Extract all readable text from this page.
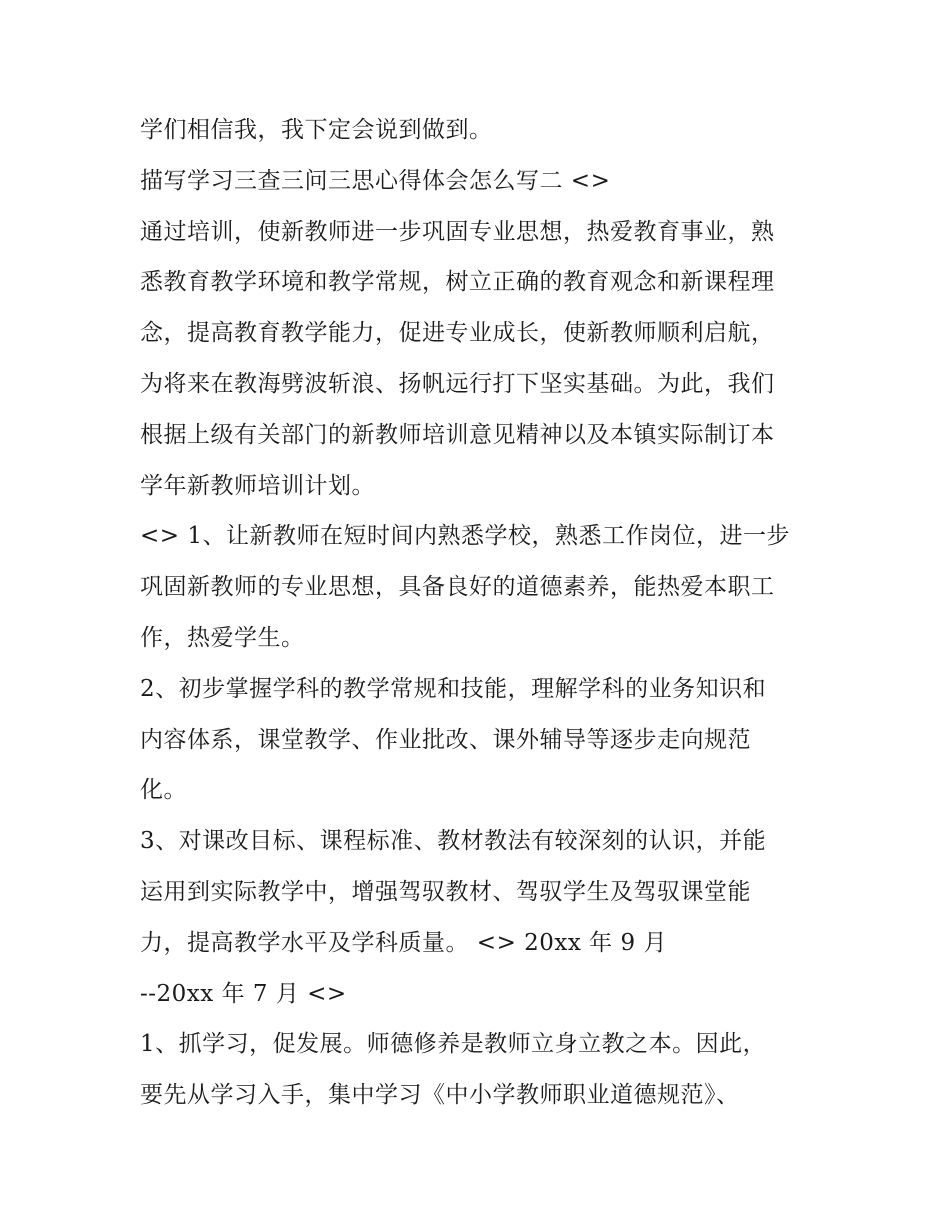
学们相信我，我下定会说到做到。
描写学习三查三问三思心得体会怎么写二 <>
通过培训，使新教师进一步巩固专业思想，热爱教育事业，熟
悉教育教学环境和教学常规，树立正确的教育观念和新课程理
念，提高教育教学能力，促进专业成长，使新教师顺利启航，
为将来在教海劈波斩浪、扬帆远行打下坚实基础。为此，我们
根据上级有关部门的新教师培训意见精神以及本镇实际制订本
学年新教师培训计划。
<> 1、让新教师在短时间内熟悉学校，熟悉工作岗位，进一步
巩固新教师的专业思想，具备良好的道德素养，能热爱本职工
作，热爱学生。
2、初步掌握学科的教学常规和技能，理解学科的业务知识和
内容体系，课堂教学、作业批改、课外辅导等逐步走向规范
化。
3、对课改目标、课程标准、教材教法有较深刻的认识，并能
运用到实际教学中，增强驾驭教材、驾驭学生及驾驭课堂能
力，提高教学水平及学科质量。 <> 20xx 年 9 月
--20xx 年 7 月 <>
1、抓学习，促发展。师德修养是教师立身立教之本。因此，
要先从学习入手，集中学习《中小学教师职业道德规范》、
